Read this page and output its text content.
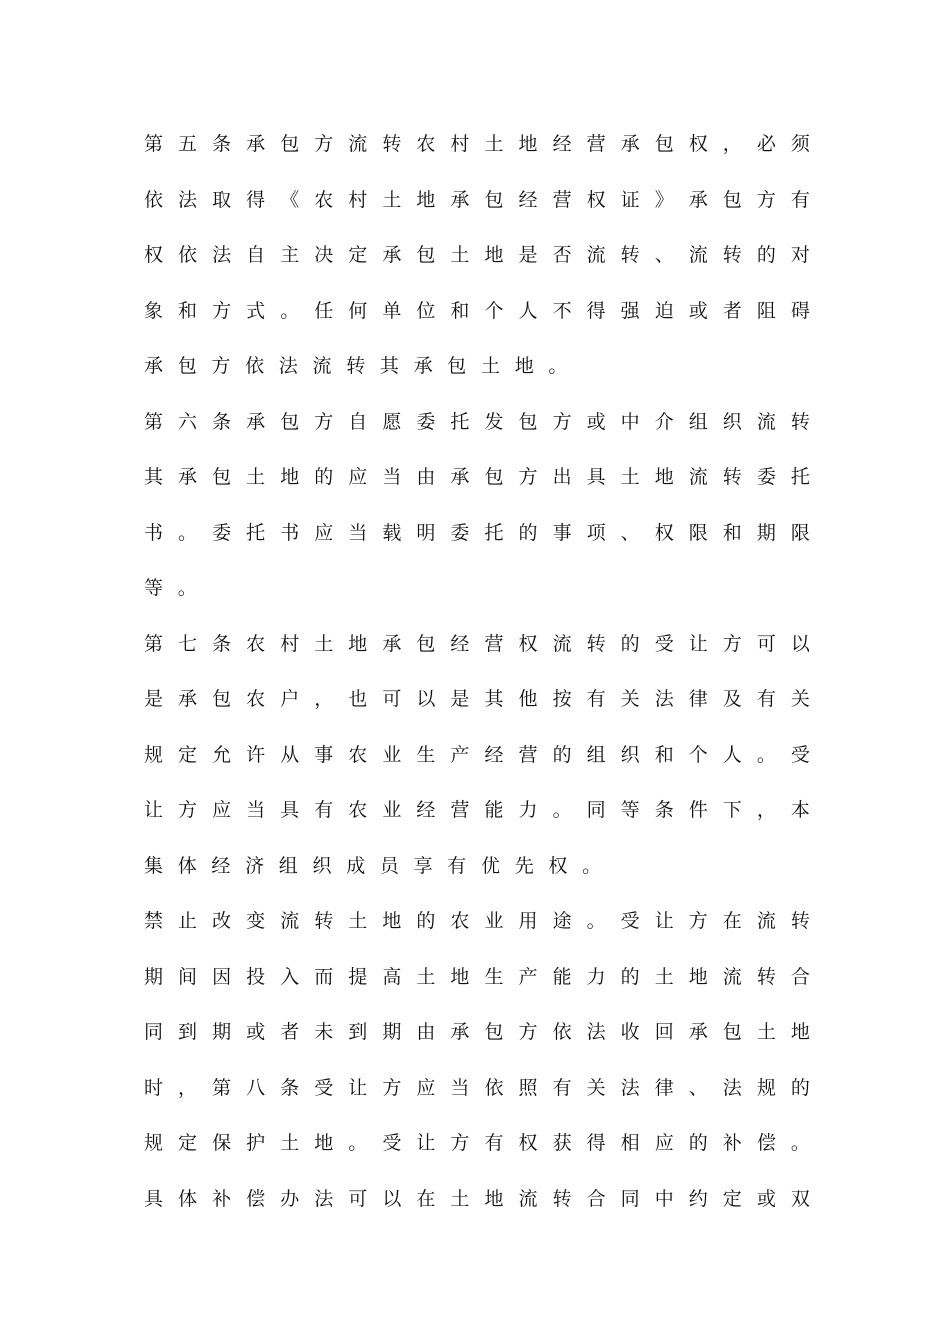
第 五 条 承 包 方 流 转 农 村 土 地 经 营 承 包 权 ， 必 须
依 法 取 得 《 农 村 土 地 承 包 经 营 权 证 》 承 包 方 有
权 依 法 自 主 决 定 承 包 土 地 是 否 流 转 、 流 转 的 对
象 和 方 式 。 任 何 单 位 和 个 人 不 得 强 迫 或 者 阻 碍
承包方依法流转其承包土地。
第 六 条 承 包 方 自 愿 委 托 发 包 方 或 中 介 组 织 流 转
其 承 包 土 地 的 应 当 由 承 包 方 出 具 土 地 流 转 委 托
书 。 委 托 书 应 当 载 明 委 托 的 事 项 、 权 限 和 期 限
等。
第 七 条 农 村 土 地 承 包 经 营 权 流 转 的 受 让 方 可 以
是 承 包 农 户 ， 也 可 以 是 其 他 按 有 关 法 律 及 有 关
规 定 允 许 从 事 农 业 生 产 经 营 的 组 织 和 个 人 。 受
让 方 应 当 具 有 农 业 经 营 能 力 。 同 等 条 件 下 ， 本
集体经济组织成员享有优先权。
禁 止 改 变 流 转 土 地 的 农 业 用 途 。 受 让 方 在 流 转
期 间 因 投 入 而 提 高 土 地 生 产 能 力 的 土 地 流 转 合
同 到 期 或 者 未 到 期 由 承 包 方 依 法 收 回 承 包 土 地
时 ， 第 八 条 受 让 方 应 当 依 照 有 关 法 律 、 法 规 的
规 定 保 护 土 地 。 受 让 方 有 权 获 得 相 应 的 补 偿 。
具 体 补 偿 办 法 可 以 在 土 地 流 转 合 同 中 约 定 或 双
